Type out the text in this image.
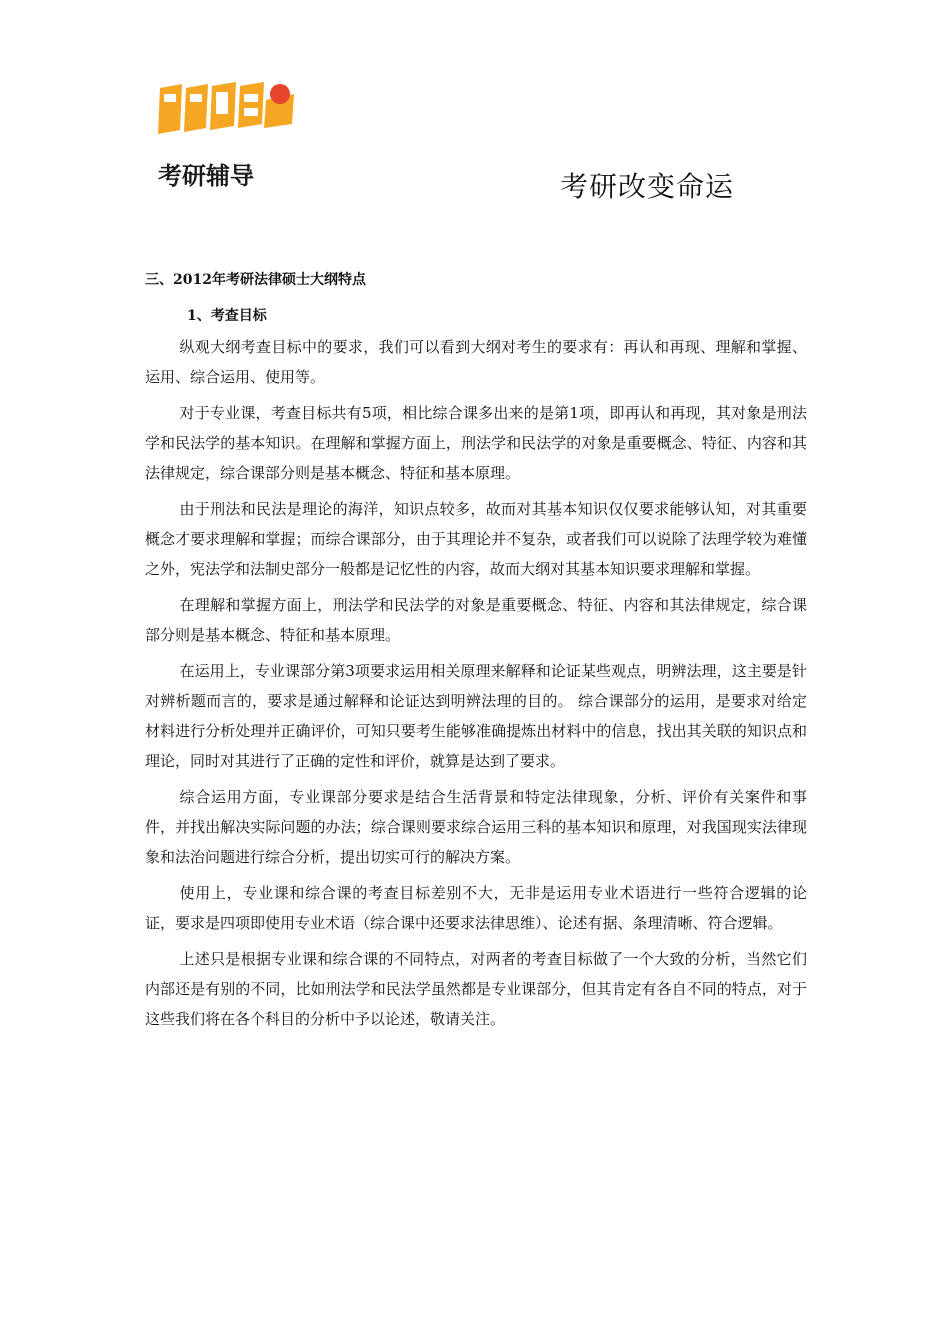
考研辅导	考研改变命运
三、2012年考研法律硕士大纲特点
1、考查目标

纵观大纲考查目标中的要求，我们可以看到大纲对考生的要求有：再认和再现、理解和掌握、运用、综合运用、使用等。

对于专业课，考查目标共有5项，相比综合课多出来的是第1项，即再认和再现，其对象是刑法学和民法学的基本知识。在理解和掌握方面上，刑法学和民法学的对象是重要概念、特征、内容和其法律规定，综合课部分则是基本概念、特征和基本原理。

由于刑法和民法是理论的海洋，知识点较多，故而对其基本知识仅仅要求能够认知，对其重要概念才要求理解和掌握；而综合课部分，由于其理论并不复杂，或者我们可以说除了法理学较为难懂之外，宪法学和法制史部分一般都是记忆性的内容，故而大纲对其基本知识要求理解和掌握。

在理解和掌握方面上，刑法学和民法学的对象是重要概念、特征、内容和其法律规定，综合课部分则是基本概念、特征和基本原理。

在运用上，专业课部分第3项要求运用相关原理来解释和论证某些观点，明辨法理，这主要是针对辨析题而言的，要求是通过解释和论证达到明辨法理的目的。 综合课部分的运用，是要求对给定材料进行分析处理并正确评价，可知只要考生能够准确提炼出材料中的信息，找出其关联的知识点和理论，同时对其进行了正确的定性和评价，就算是达到了要求。

综合运用方面，专业课部分要求是结合生活背景和特定法律现象，分析、评价有关案件和事件，并找出解决实际问题的办法；综合课则要求综合运用三科的基本知识和原理，对我国现实法律现象和法治问题进行综合分析，提出切实可行的解决方案。

使用上，专业课和综合课的考查目标差别不大，无非是运用专业术语进行一些符合逻辑的论证，要求是四项即使用专业术语（综合课中还要求法律思维）、论述有据、条理清晰、符合逻辑。

上述只是根据专业课和综合课的不同特点，对两者的考查目标做了一个大致的分析，当然它们内部还是有别的不同，比如刑法学和民法学虽然都是专业课部分，但其肯定有各自不同的特点，对于这些我们将在各个科目的分析中予以论述，敬请关注。
